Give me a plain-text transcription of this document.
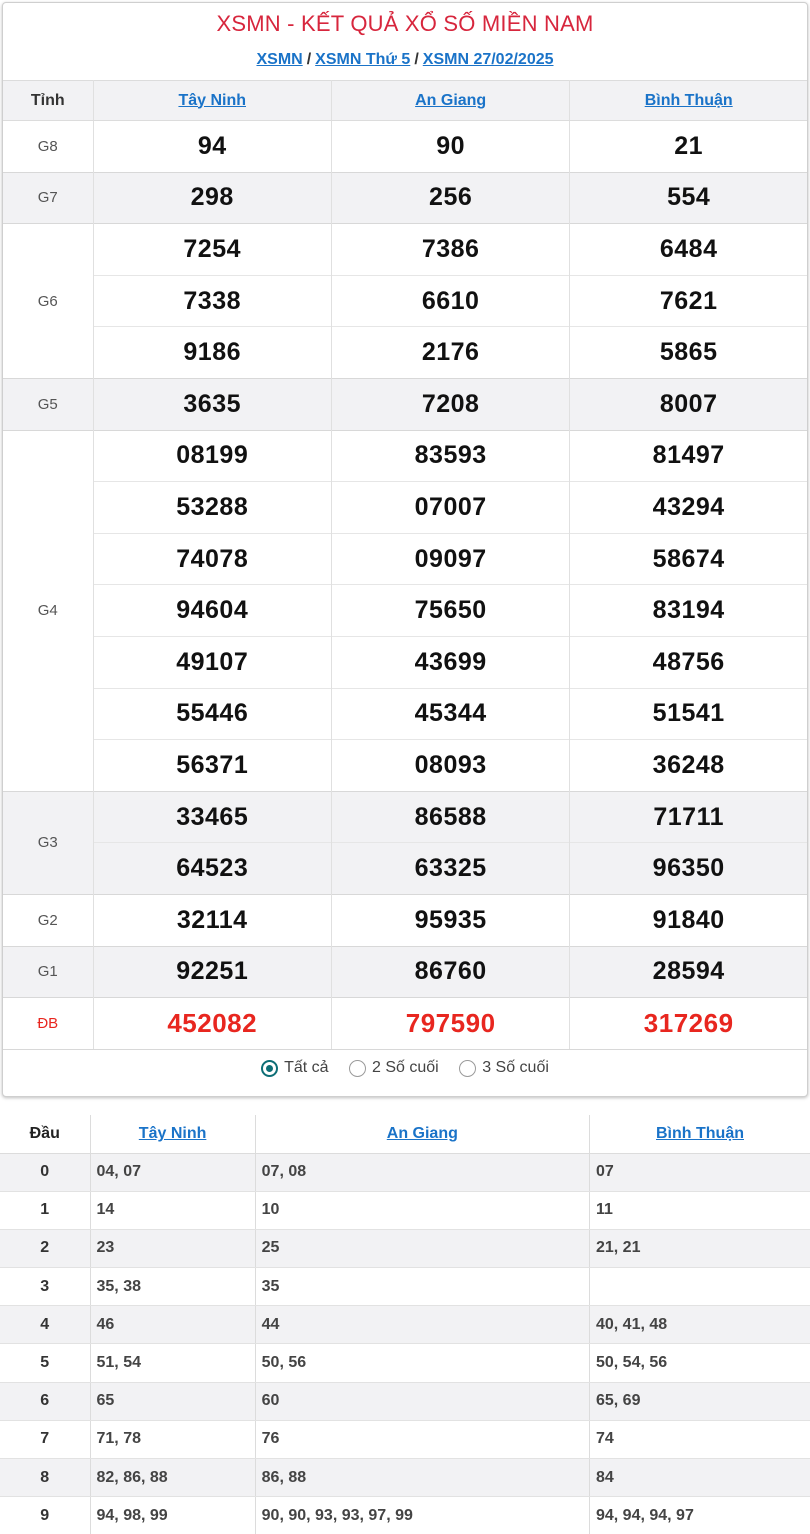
XSMN - KẾT QUẢ XỔ SỐ MIỀN NAM
XSMN / XSMN Thứ 5 / XSMN 27/02/2025
Tỉnh	Tây Ninh	An Giang	Bình Thuận
G8	94	90	21
G7	298	256	554
G6	7254	7386	6484
	7338	6610	7621
	9186	2176	5865
G5	3635	7208	8007
G4	08199	83593	81497
	53288	07007	43294
	74078	09097	58674
	94604	75650	83194
	49107	43699	48756
	55446	45344	51541
	56371	08093	36248
G3	33465	86588	71711
	64523	63325	96350
G2	32114	95935	91840
G1	92251	86760	28594
ĐB	452082	797590	317269
Tất cả
	2 Số cuối
	3 Số cuối
Đầu	Tây Ninh	An Giang	Bình Thuận
0	04, 07	07, 08	07
1	14	10	11
2	23	25	21, 21
3	35, 38	35	
4	46	44	40, 41, 48
5	51, 54	50, 56	50, 54, 56
6	65	60	65, 69
7	71, 78	76	74
8	82, 86, 88	86, 88	84
9	94, 98, 99	90, 90, 93, 93, 97, 99	94, 94, 94, 97
